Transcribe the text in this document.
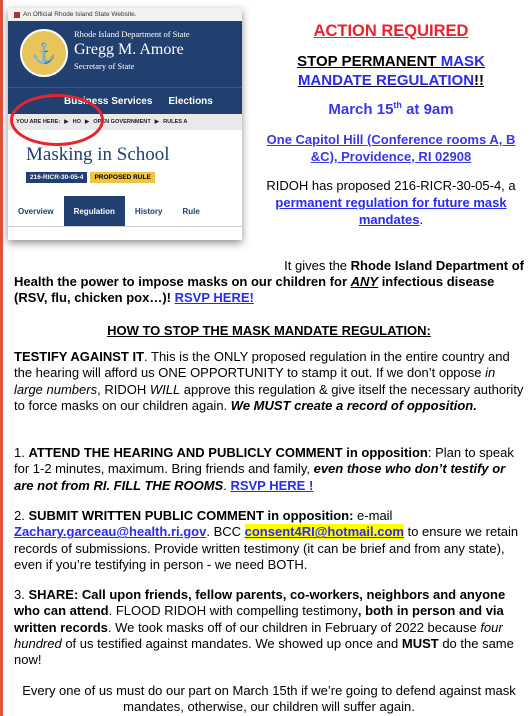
An Official Rhode Island State Website.
⚓
Rhode Island Department of State
Gregg M. Amore
Secretary of State
Business Services Elections
YOU ARE HERE: ▶ HO ▶ OPEN GOVERNMENT ▶ RULES A
Masking in School
216-RICR-30-05-4	PROPOSED RULE
Overview	Regulation	History	Rule
ACTION REQUIRED
STOP PERMANENT MASK
MANDATE REGULATION!!
March 15th at 9am
One Capitol Hill (Conference rooms A, B &C), Providence, RI 02908
RIDOH has proposed 216-RICR-30-05-4, a permanent regulation for future mask mandates.
It gives the Rhode Island Department of
Health the power to impose masks on our children for ANY infectious disease (RSV, flu, chicken pox…)! RSVP HERE!
HOW TO STOP THE MASK MANDATE REGULATION:

TESTIFY AGAINST IT. This is the ONLY proposed regulation in the entire country and the hearing will afford us ONE OPPORTUNITY to stamp it out. If we don’t oppose in large numbers, RIDOH WILL approve this regulation & give itself the necessary authority to force masks on our children again. We MUST create a record of opposition.

1. ATTEND THE HEARING AND PUBLICLY COMMENT in opposition: Plan to speak for 1-2 minutes, maximum. Bring friends and family, even those who don’t testify or are not from RI. FILL THE ROOMS. RSVP HERE !

2. SUBMIT WRITTEN PUBLIC COMMENT in opposition: e-mail Zachary.garceau@health.ri.gov. BCC consent4RI@hotmail.com to ensure we retain records of submissions. Provide written testimony (it can be brief and from any state), even if you’re testifying in person - we need BOTH.

3. SHARE: Call upon friends, fellow parents, co-workers, neighbors and anyone who can attend. FLOOD RIDOH with compelling testimony, both in person and via written records. We took masks off of our children in February of 2022 because four hundred of us testified against mandates. We showed up once and MUST do the same now!

Every one of us must do our part on March 15th if we’re going to defend against mask mandates, otherwise, our children will suffer again.
